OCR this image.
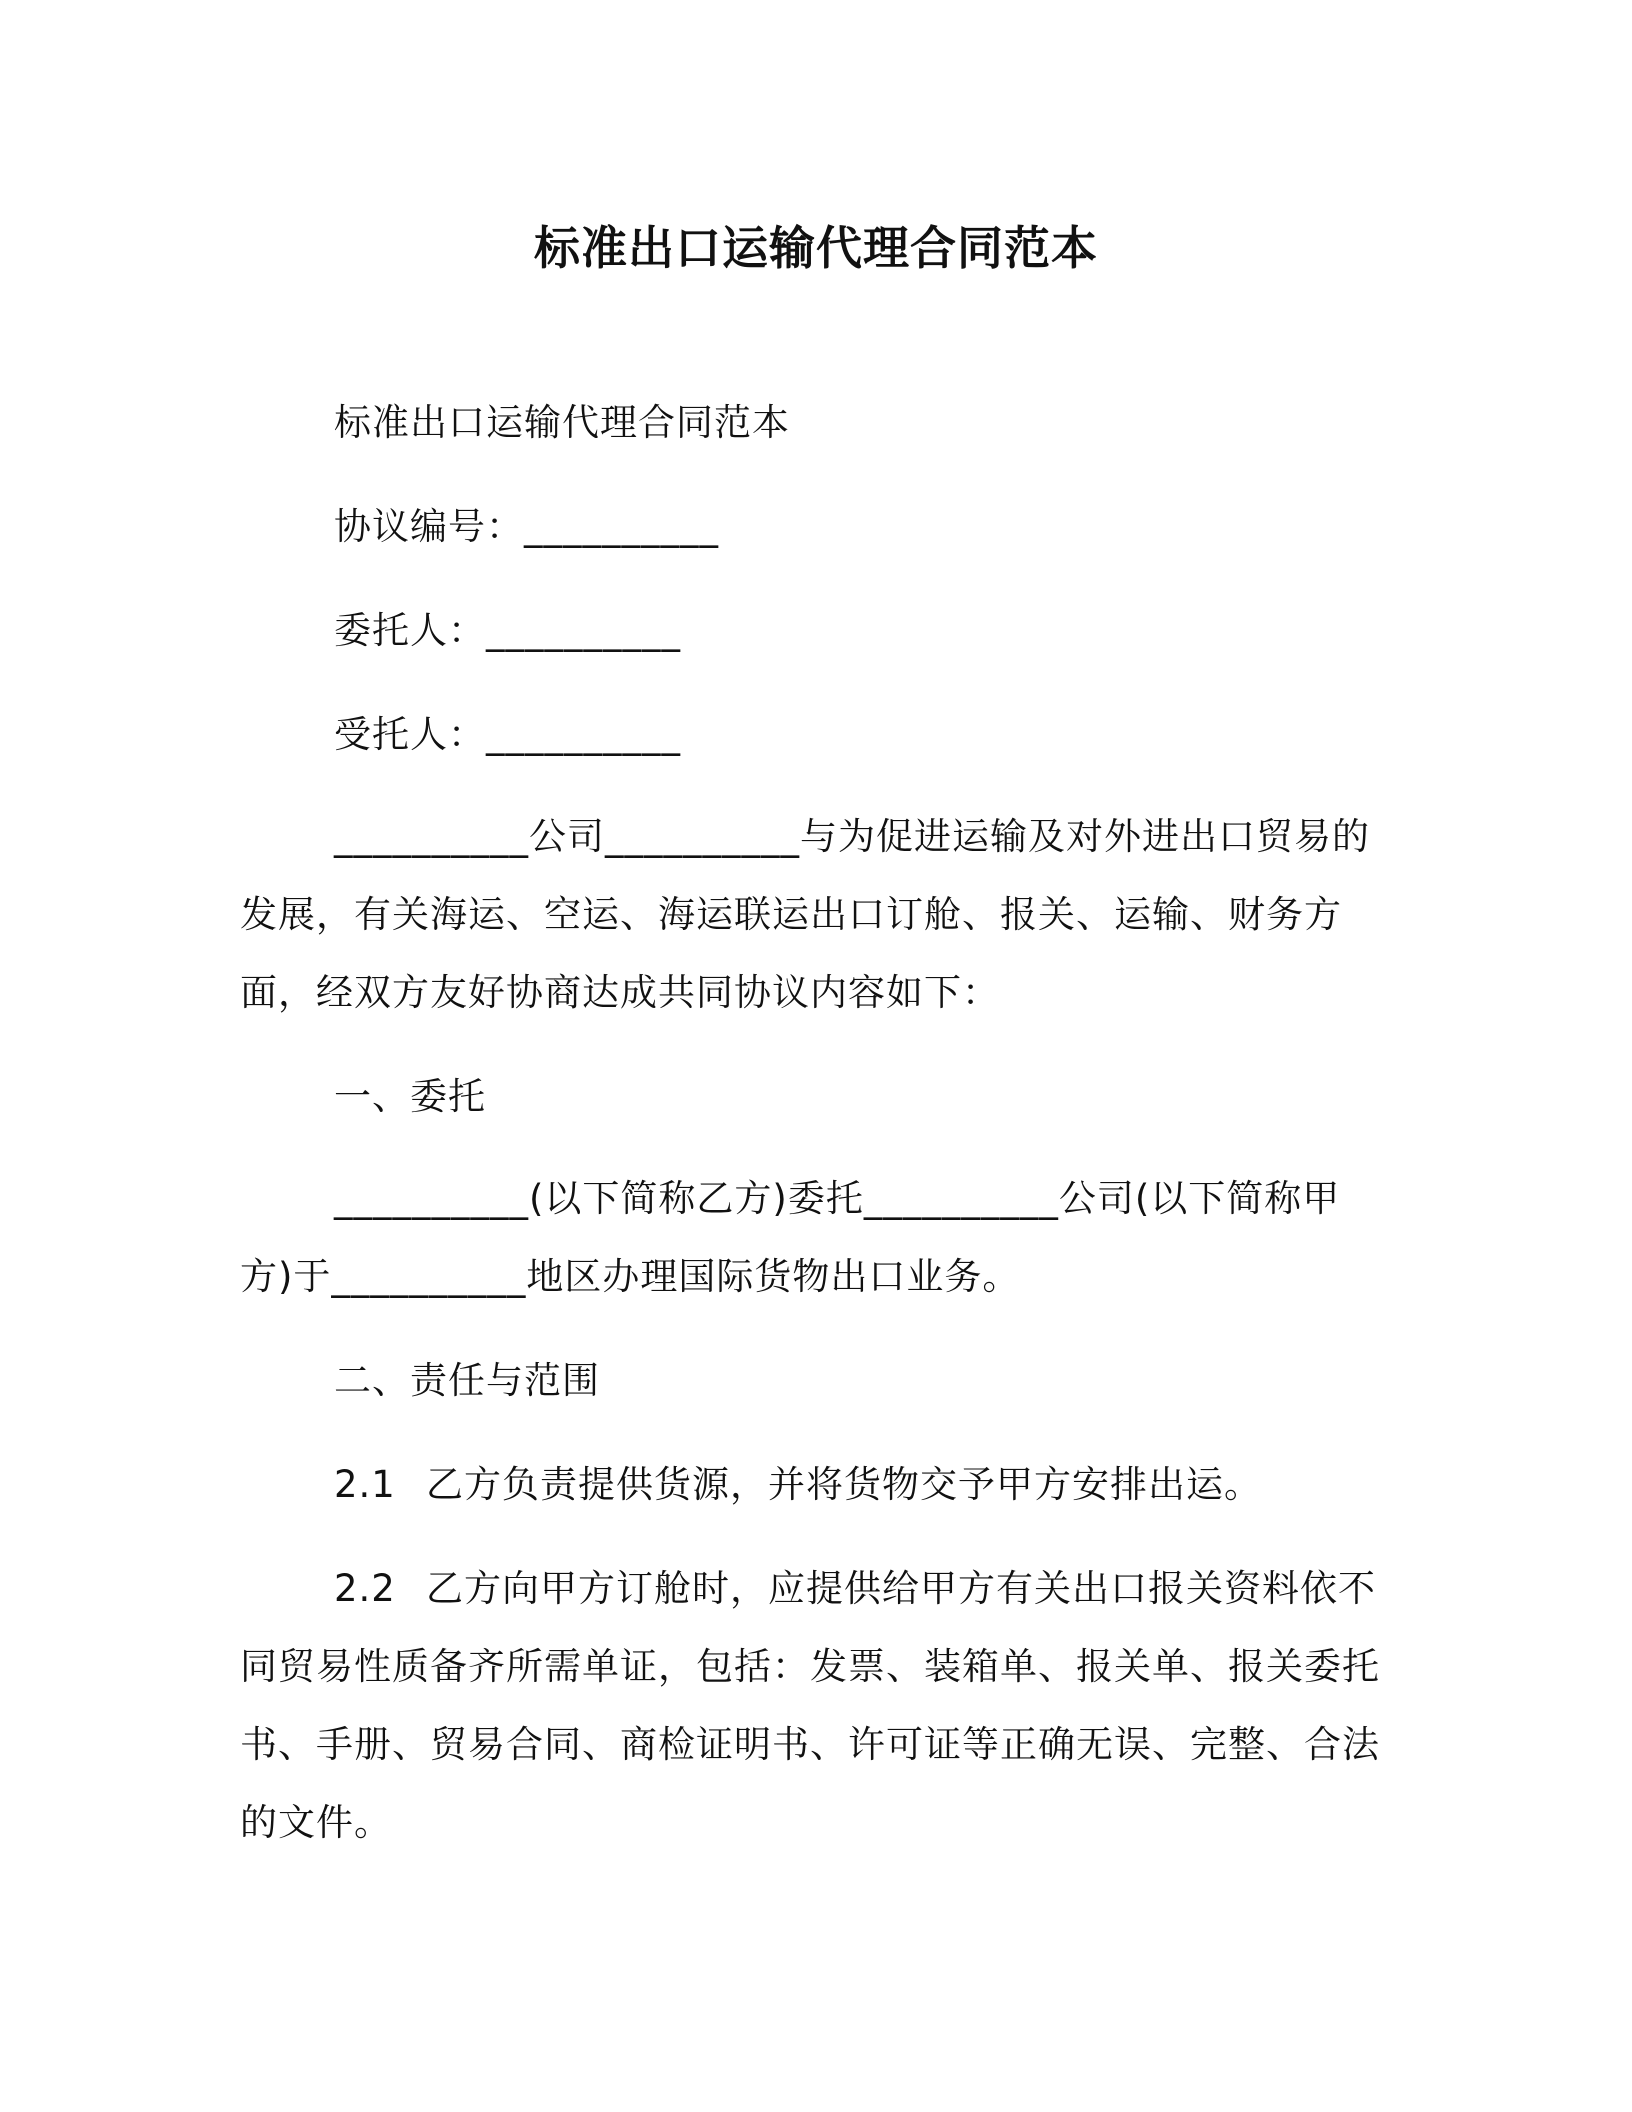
标准出口运输代理合同范本
标准出口运输代理合同范本
协议编号：__________
委托人：__________
受托人：__________
__________公司__________与为促进运输及对外进出口贸易的发展，有关海运、空运、海运联运出口订舱、报关、运输、财务方面，经双方友好协商达成共同协议内容如下：
一、委托
__________(以下简称乙方)委托__________公司(以下简称甲方)于__________地区办理国际货物出口业务。
二、责任与范围
2.1 乙方负责提供货源，并将货物交予甲方安排出运。
2.2 乙方向甲方订舱时，应提供给甲方有关出口报关资料依不同贸易性质备齐所需单证，包括：发票、装箱单、报关单、报关委托书、手册、贸易合同、商检证明书、许可证等正确无误、完整、合法的文件。
